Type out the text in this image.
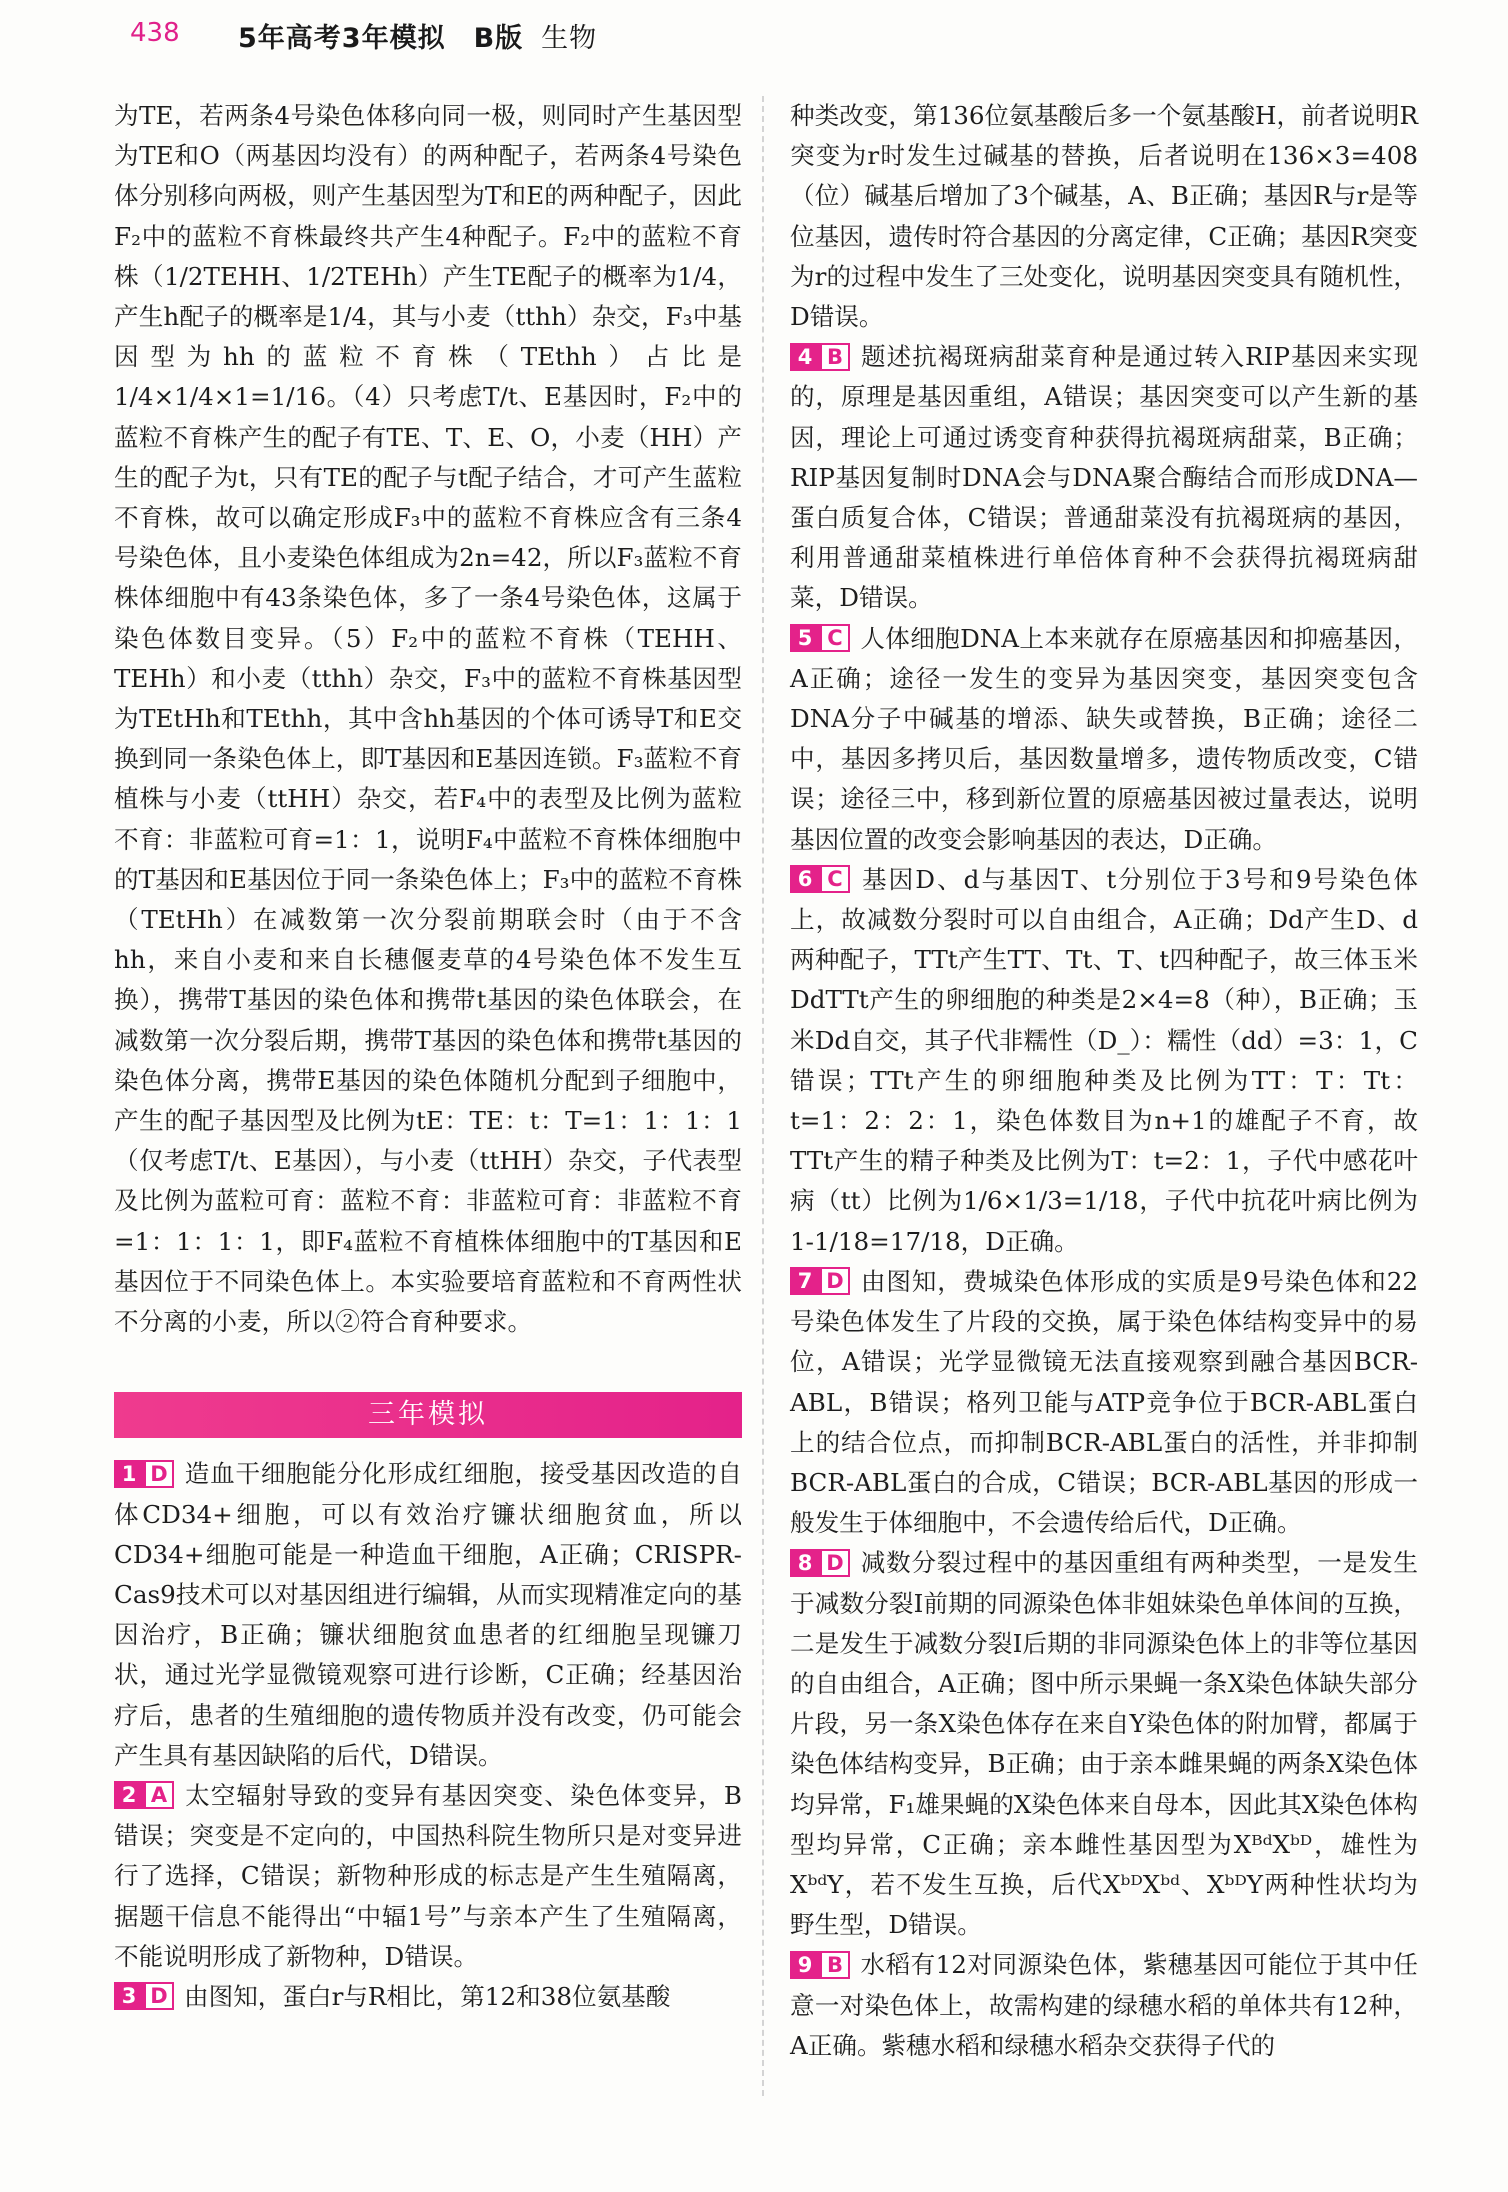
438 5年高考3年模拟　B版 生物

为TE，若两条4号染色体移向同一极，则同时产生基因型为TE和O（两基因均没有）的两种配子，若两条4号染色体分别移向两极，则产生基因型为T和E的两种配子，因此F₂中的蓝粒不育株最终共产生4种配子。F₂中的蓝粒不育株（1/2TEHH、1/2TEHh）产生TE配子的概率为1/4，产生h配子的概率是1/4，其与小麦（tthh）杂交，F₃中基因型为hh的蓝粒不育株（TEthh）占比是1/4×1/4×1=1/16。（4）只考虑T/t、E基因时，F₂中的蓝粒不育株产生的配子有TE、T、E、O，小麦（HH）产生的配子为t，只有TE的配子与t配子结合，才可产生蓝粒不育株，故可以确定形成F₃中的蓝粒不育株应含有三条4号染色体，且小麦染色体组成为2n=42，所以F₃蓝粒不育株体细胞中有43条染色体，多了一条4号染色体，这属于染色体数目变异。（5）F₂中的蓝粒不育株（TEHH、TEHh）和小麦（tthh）杂交，F₃中的蓝粒不育株基因型为TEtHh和TEthh，其中含hh基因的个体可诱导T和E交换到同一条染色体上，即T基因和E基因连锁。F₃蓝粒不育植株与小麦（ttHH）杂交，若F₄中的表型及比例为蓝粒不育：非蓝粒可育=1：1，说明F₄中蓝粒不育株体细胞中的T基因和E基因位于同一条染色体上；F₃中的蓝粒不育株（TEtHh）在减数第一次分裂前期联会时（由于不含hh，来自小麦和来自长穗偃麦草的4号染色体不发生互换），携带T基因的染色体和携带t基因的染色体联会，在减数第一次分裂后期，携带T基因的染色体和携带t基因的染色体分离，携带E基因的染色体随机分配到子细胞中，产生的配子基因型及比例为tE：TE：t：T=1：1：1：1（仅考虑T/t、E基因），与小麦（ttHH）杂交，子代表型及比例为蓝粒可育：蓝粒不育：非蓝粒可育：非蓝粒不育=1：1：1：1，即F₄蓝粒不育植株体细胞中的T基因和E基因位于不同染色体上。本实验要培育蓝粒和不育两性状不分离的小麦，所以②符合育种要求。

三年模拟

1 D 造血干细胞能分化形成红细胞，接受基因改造的自体CD34+细胞，可以有效治疗镰状细胞贫血，所以CD34+细胞可能是一种造血干细胞，A正确；CRISPR-Cas9技术可以对基因组进行编辑，从而实现精准定向的基因治疗，B正确；镰状细胞贫血患者的红细胞呈现镰刀状，通过光学显微镜观察可进行诊断，C正确；经基因治疗后，患者的生殖细胞的遗传物质并没有改变，仍可能会产生具有基因缺陷的后代，D错误。

2 A 太空辐射导致的变异有基因突变、染色体变异，B错误；突变是不定向的，中国热科院生物所只是对变异进行了选择，C错误；新物种形成的标志是产生生殖隔离，据题干信息不能得出“中辐1号”与亲本产生了生殖隔离，不能说明形成了新物种，D错误。

3 D 由图知，蛋白r与R相比，第12和38位氨基酸

种类改变，第136位氨基酸后多一个氨基酸H，前者说明R突变为r时发生过碱基的替换，后者说明在136×3=408（位）碱基后增加了3个碱基，A、B正确；基因R与r是等位基因，遗传时符合基因的分离定律，C正确；基因R突变为r的过程中发生了三处变化，说明基因突变具有随机性，D错误。

4 B 题述抗褐斑病甜菜育种是通过转入RIP基因来实现的，原理是基因重组，A错误；基因突变可以产生新的基因，理论上可通过诱变育种获得抗褐斑病甜菜，B正确；RIP基因复制时DNA会与DNA聚合酶结合而形成DNA—蛋白质复合体，C错误；普通甜菜没有抗褐斑病的基因，利用普通甜菜植株进行单倍体育种不会获得抗褐斑病甜菜，D错误。

5 C 人体细胞DNA上本来就存在原癌基因和抑癌基因，A正确；途径一发生的变异为基因突变，基因突变包含DNA分子中碱基的增添、缺失或替换，B正确；途径二中，基因多拷贝后，基因数量增多，遗传物质改变，C错误；途径三中，移到新位置的原癌基因被过量表达，说明基因位置的改变会影响基因的表达，D正确。

6 C 基因D、d与基因T、t分别位于3号和9号染色体上，故减数分裂时可以自由组合，A正确；Dd产生D、d两种配子，TTt产生TT、Tt、T、t四种配子，故三体玉米DdTTt产生的卵细胞的种类是2×4=8（种），B正确；玉米Dd自交，其子代非糯性（D_）：糯性（dd）=3：1，C错误；TTt产生的卵细胞种类及比例为TT：T：Tt：t=1：2：2：1，染色体数目为n+1的雄配子不育，故TTt产生的精子种类及比例为T：t=2：1，子代中感花叶病（tt）比例为1/6×1/3=1/18，子代中抗花叶病比例为1-1/18=17/18，D正确。

7 D 由图知，费城染色体形成的实质是9号染色体和22号染色体发生了片段的交换，属于染色体结构变异中的易位，A错误；光学显微镜无法直接观察到融合基因BCR-ABL，B错误；格列卫能与ATP竞争位于BCR-ABL蛋白上的结合位点，而抑制BCR-ABL蛋白的活性，并非抑制BCR-ABL蛋白的合成，C错误；BCR-ABL基因的形成一般发生于体细胞中，不会遗传给后代，D正确。

8 D 减数分裂过程中的基因重组有两种类型，一是发生于减数分裂Ⅰ前期的同源染色体非姐妹染色单体间的互换，二是发生于减数分裂Ⅰ后期的非同源染色体上的非等位基因的自由组合，A正确；图中所示果蝇一条X染色体缺失部分片段，另一条X染色体存在来自Y染色体的附加臂，都属于染色体结构变异，B正确；由于亲本雌果蝇的两条X染色体均异常，F₁雄果蝇的X染色体来自母本，因此其X染色体构型均异常，C正确；亲本雌性基因型为XᴮᵈXᵇᴰ，雄性为XᵇᵈY，若不发生互换，后代XᵇᴰXᵇᵈ、XᵇᴰY两种性状均为野生型，D错误。

9 B 水稻有12对同源染色体，紫穗基因可能位于其中任意一对染色体上，故需构建的绿穗水稻的单体共有12种，A正确。紫穗水稻和绿穗水稻杂交获得子代的
